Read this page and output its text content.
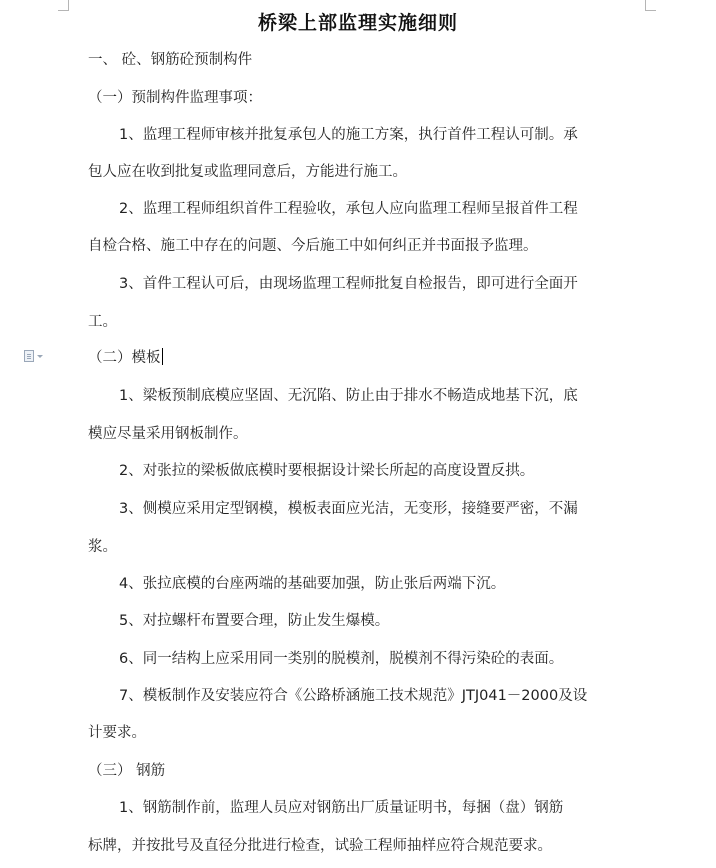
桥梁上部监理实施细则
一、 砼、钢筋砼预制构件
（一）预制构件监理事项：
1、监理工程师审核并批复承包人的施工方案，执行首件工程认可制。承
包人应在收到批复或监理同意后，方能进行施工。
2、监理工程师组织首件工程验收，承包人应向监理工程师呈报首件工程
自检合格、施工中存在的问题、今后施工中如何纠正并书面报予监理。
3、首件工程认可后，由现场监理工程师批复自检报告，即可进行全面开
工。
（二）模板
1、梁板预制底模应坚固、无沉陷、防止由于排水不畅造成地基下沉，底
模应尽量采用钢板制作。
2、对张拉的梁板做底模时要根据设计梁长所起的高度设置反拱。
3、侧模应采用定型钢模，模板表面应光洁，无变形，接缝要严密，不漏
浆。
4、张拉底模的台座两端的基础要加强，防止张后两端下沉。
5、对拉螺杆布置要合理，防止发生爆模。
6、同一结构上应采用同一类别的脱模剂，脱模剂不得污染砼的表面。
7、模板制作及安装应符合《公路桥涵施工技术规范》JTJ041－2000及设
计要求。
（三） 钢筋
1、钢筋制作前，监理人员应对钢筋出厂质量证明书，每捆（盘）钢筋
标牌，并按批号及直径分批进行检查，试验工程师抽样应符合规范要求。
